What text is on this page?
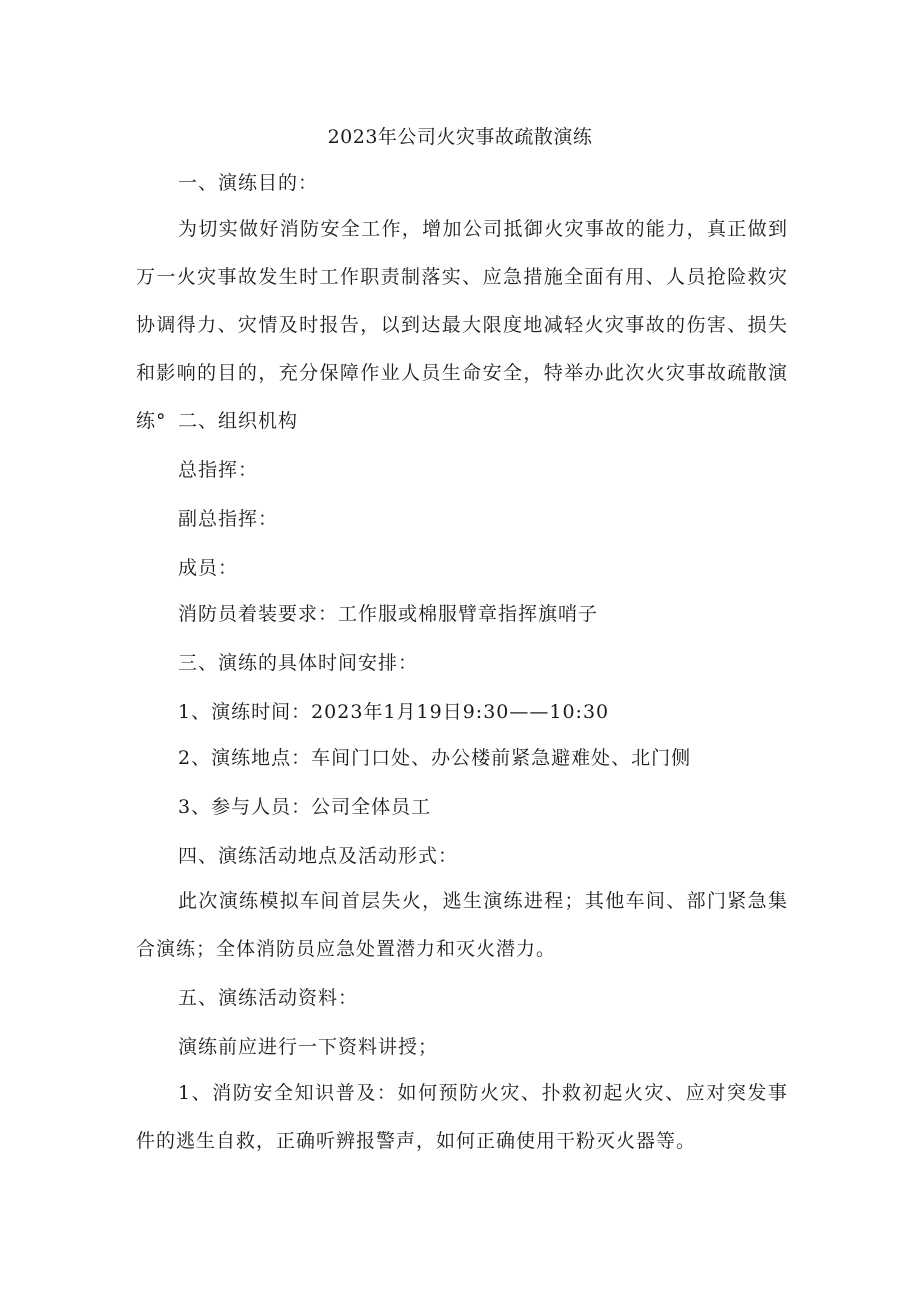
2023年公司火灾事故疏散演练
一、演练目的：

为切实做好消防安全工作，增加公司抵御火灾事故的能力，真正做到万一火灾事故发生时工作职责制落实、应急措施全面有用、人员抢险救灾协调得力、灾情及时报告，以到达最大限度地减轻火灾事故的伤害、损失和影响的目的，充分保障作业人员生命安全，特举办此次火灾事故疏散演练° 二、组织机构
总指挥：
副总指挥：
成员：
消防员着装要求：工作服或棉服臂章指挥旗哨子
三、演练的具体时间安排：
1、演练时间：2023年1月19日9:30——10:30
2、演练地点：车间门口处、办公楼前紧急避难处、北门侧
3、参与人员：公司全体员工
四、演练活动地点及活动形式：

此次演练模拟车间首层失火，逃生演练进程；其他车间、部门紧急集合演练；全体消防员应急处置潜力和灭火潜力。

五、演练活动资料：
演练前应进行一下资料讲授；

1、消防安全知识普及：如何预防火灾、扑救初起火灾、应对突发事件的逃生自救，正确听辨报警声，如何正确使用干粉灭火器等。
